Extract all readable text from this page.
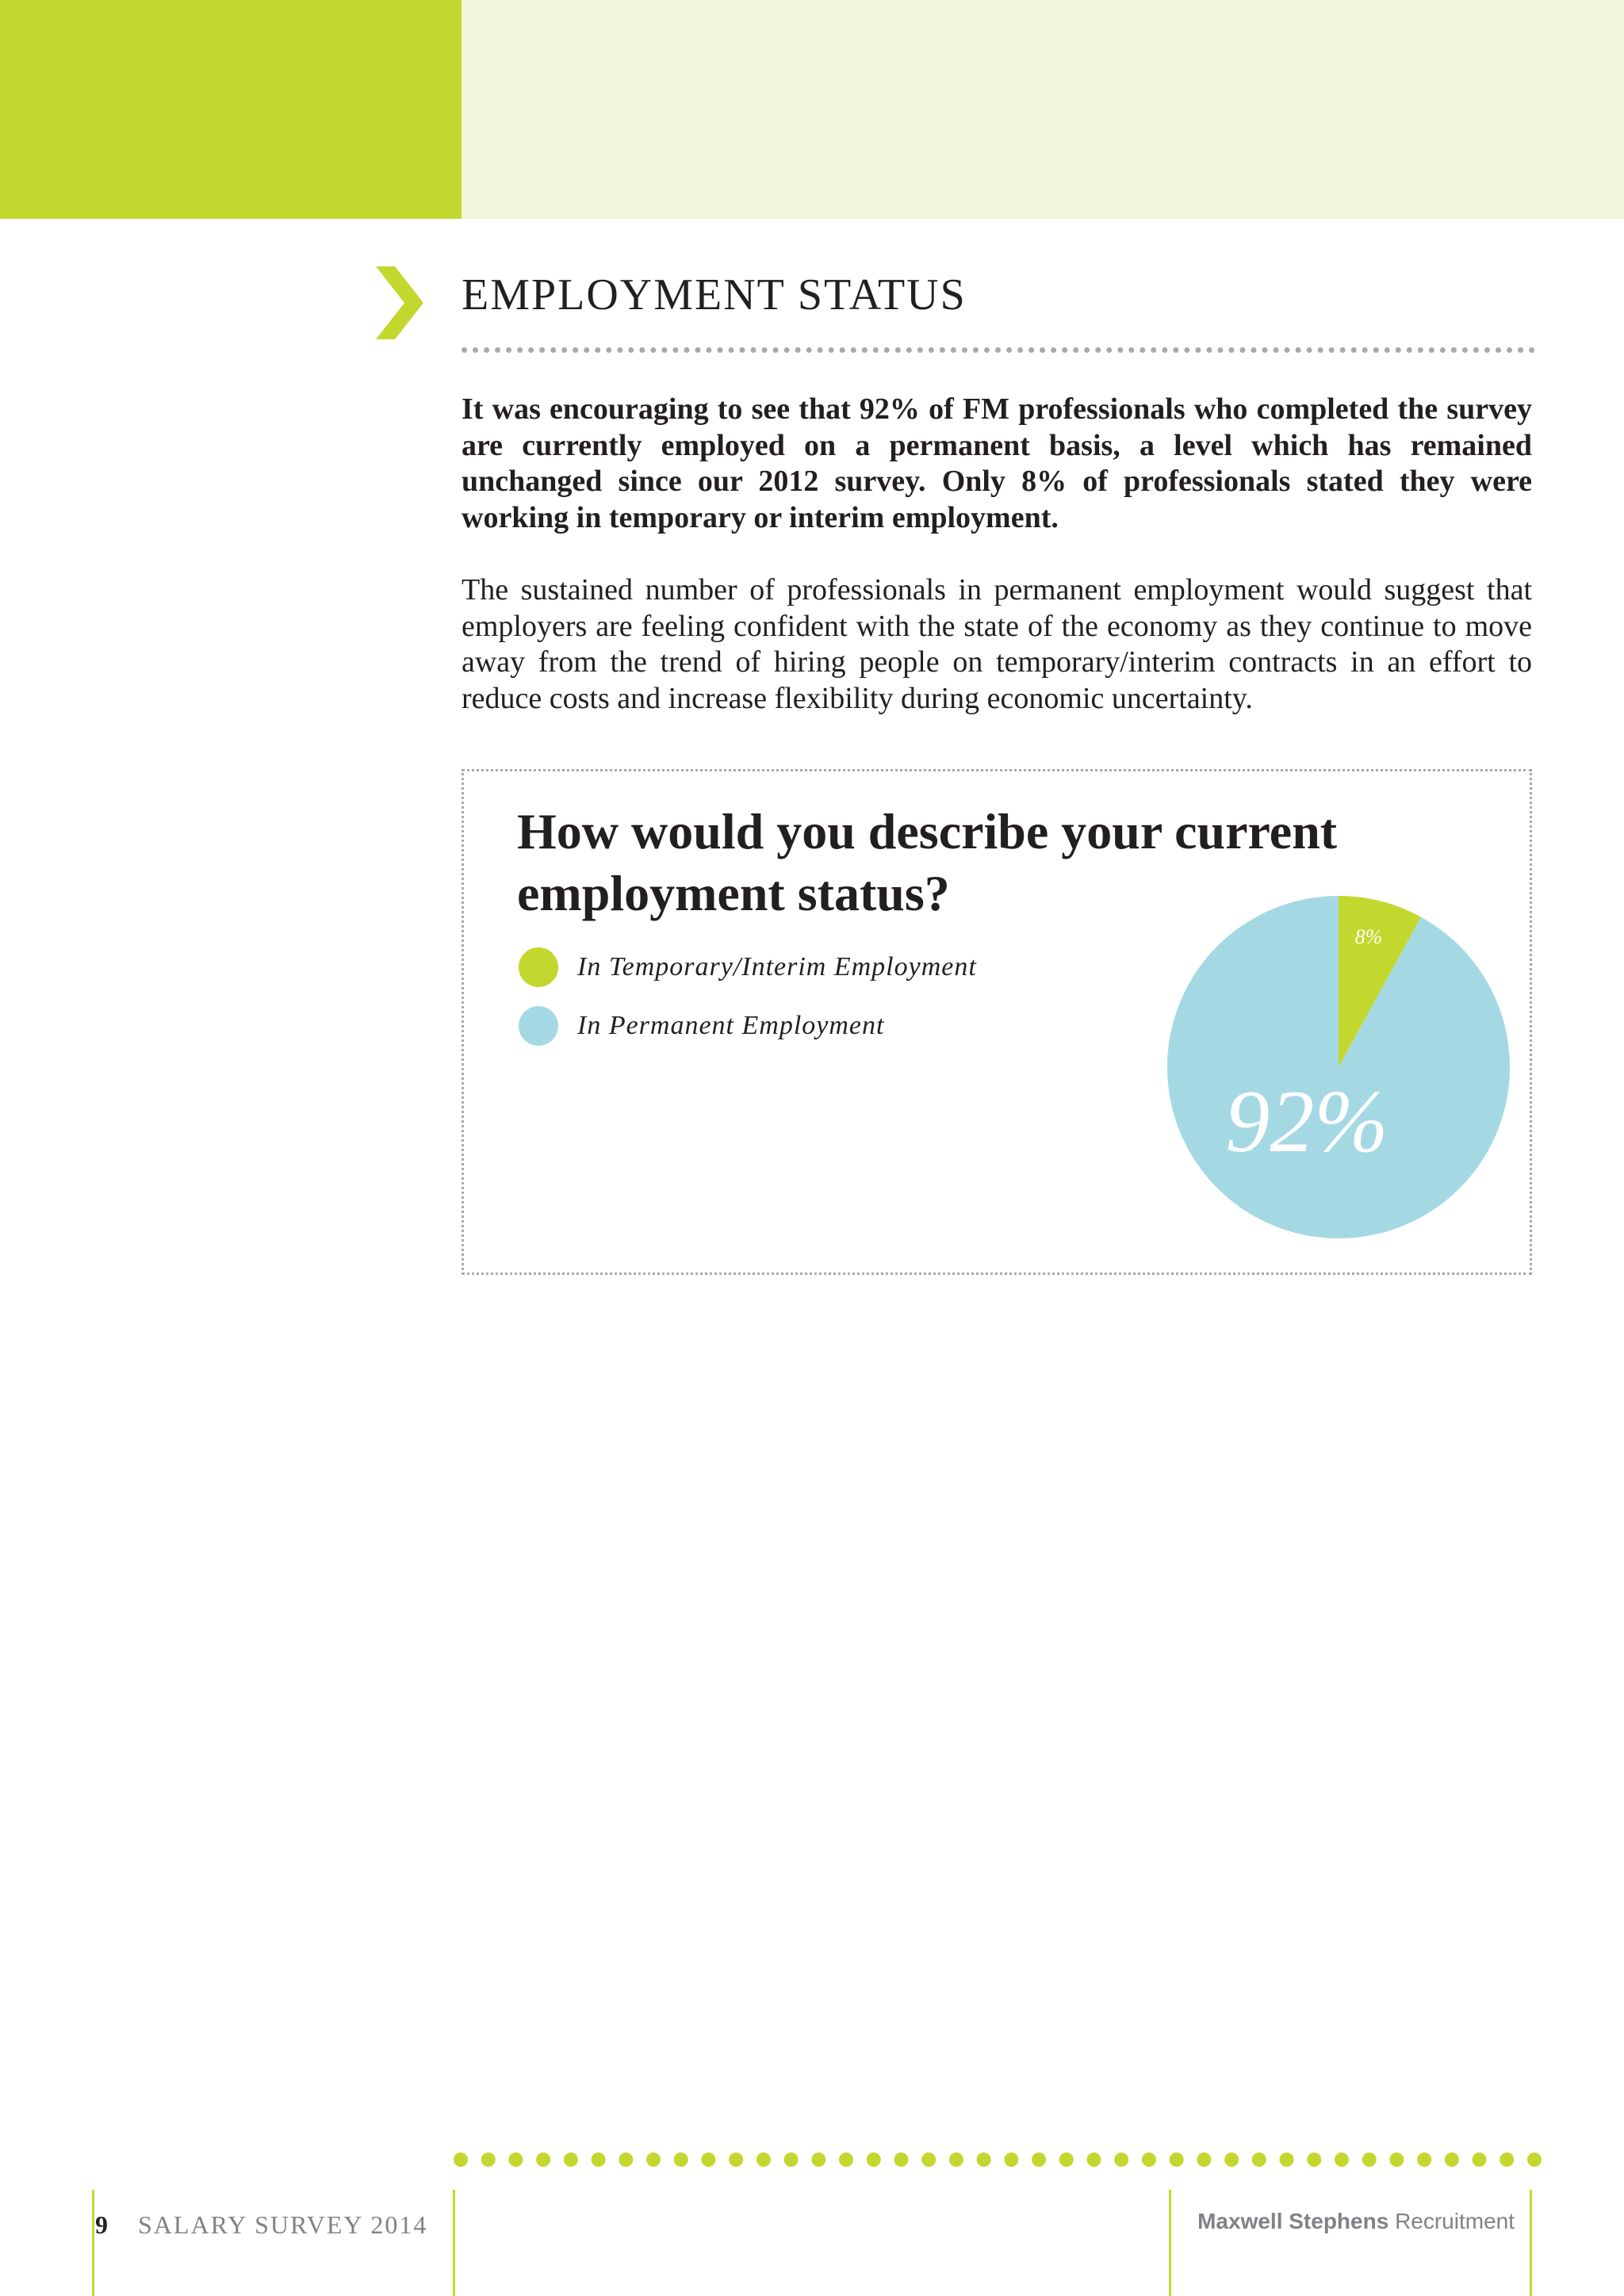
EMPLOYMENT STATUS

It was encouraging to see that 92% of FM professionals who completed the survey are currently employed on a permanent basis, a level which has remained unchanged since our 2012 survey. Only 8% of professionals stated they were working in temporary or interim employment.

The sustained number of professionals in permanent employment would suggest that employers are feeling confident with the state of the economy as they continue to move away from the trend of hiring people on temporary/interim contracts in an effort to reduce costs and increase flexibility during economic uncertainty.

How would you describe your current employment status?
In Temporary/Interim Employment
In Permanent Employment
8%
92%
9 SALARY SURVEY 2014	Maxwell Stephens Recruitment
